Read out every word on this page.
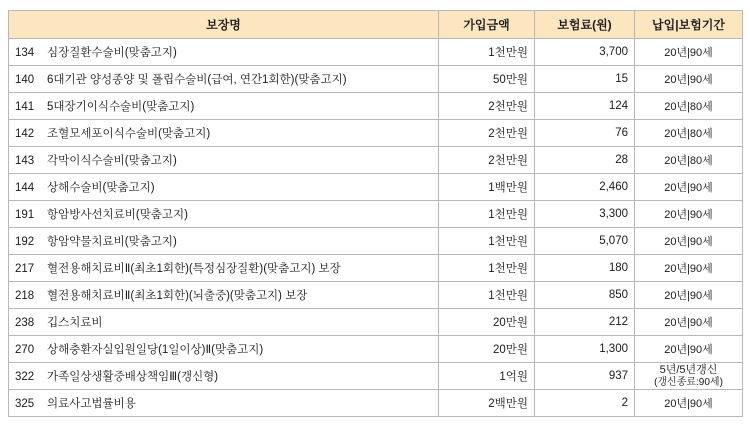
보장명	가입금액	보험료(원)	납입|보험기간
134 심장질환수술비(맞춤고지)	1천만원	3,700	20년|90세
140 6대기관 양성종양 및 폴립수술비(급여, 연간1회한)(맞춤고지)	50만원	15	20년|90세
141 5대장기이식수술비(맞춤고지)	2천만원	124	20년|80세
142 조혈모세포이식수술비(맞춤고지)	2천만원	76	20년|80세
143 각막이식수술비(맞춤고지)	2천만원	28	20년|80세
144 상해수술비(맞춤고지)	1백만원	2,460	20년|90세
191 항암방사선치료비(맞춤고지)	1천만원	3,300	20년|90세
192 항암약물치료비(맞춤고지)	1천만원	5,070	20년|90세
217 혈전용해치료비Ⅱ(최초1회한)(특정심장질환)(맞춤고지) 보장	1천만원	180	20년|90세
218 혈전용해치료비Ⅱ(최초1회한)(뇌출중)(맞춤고지) 보장	1천만원	850	20년|90세
238 깁스치료비	20만원	212	20년|90세
270 상해충환자실입원일당(1일이상)Ⅱ(맞춤고지)	20만원	1,300	20년|90세
322 가족일상생활중배상책임Ⅲ(갱신형)	1억원	937	5년/5년갱신
(갱신종료:90세)

325 의료사고법률비용	2백만원	2	20년|90세
